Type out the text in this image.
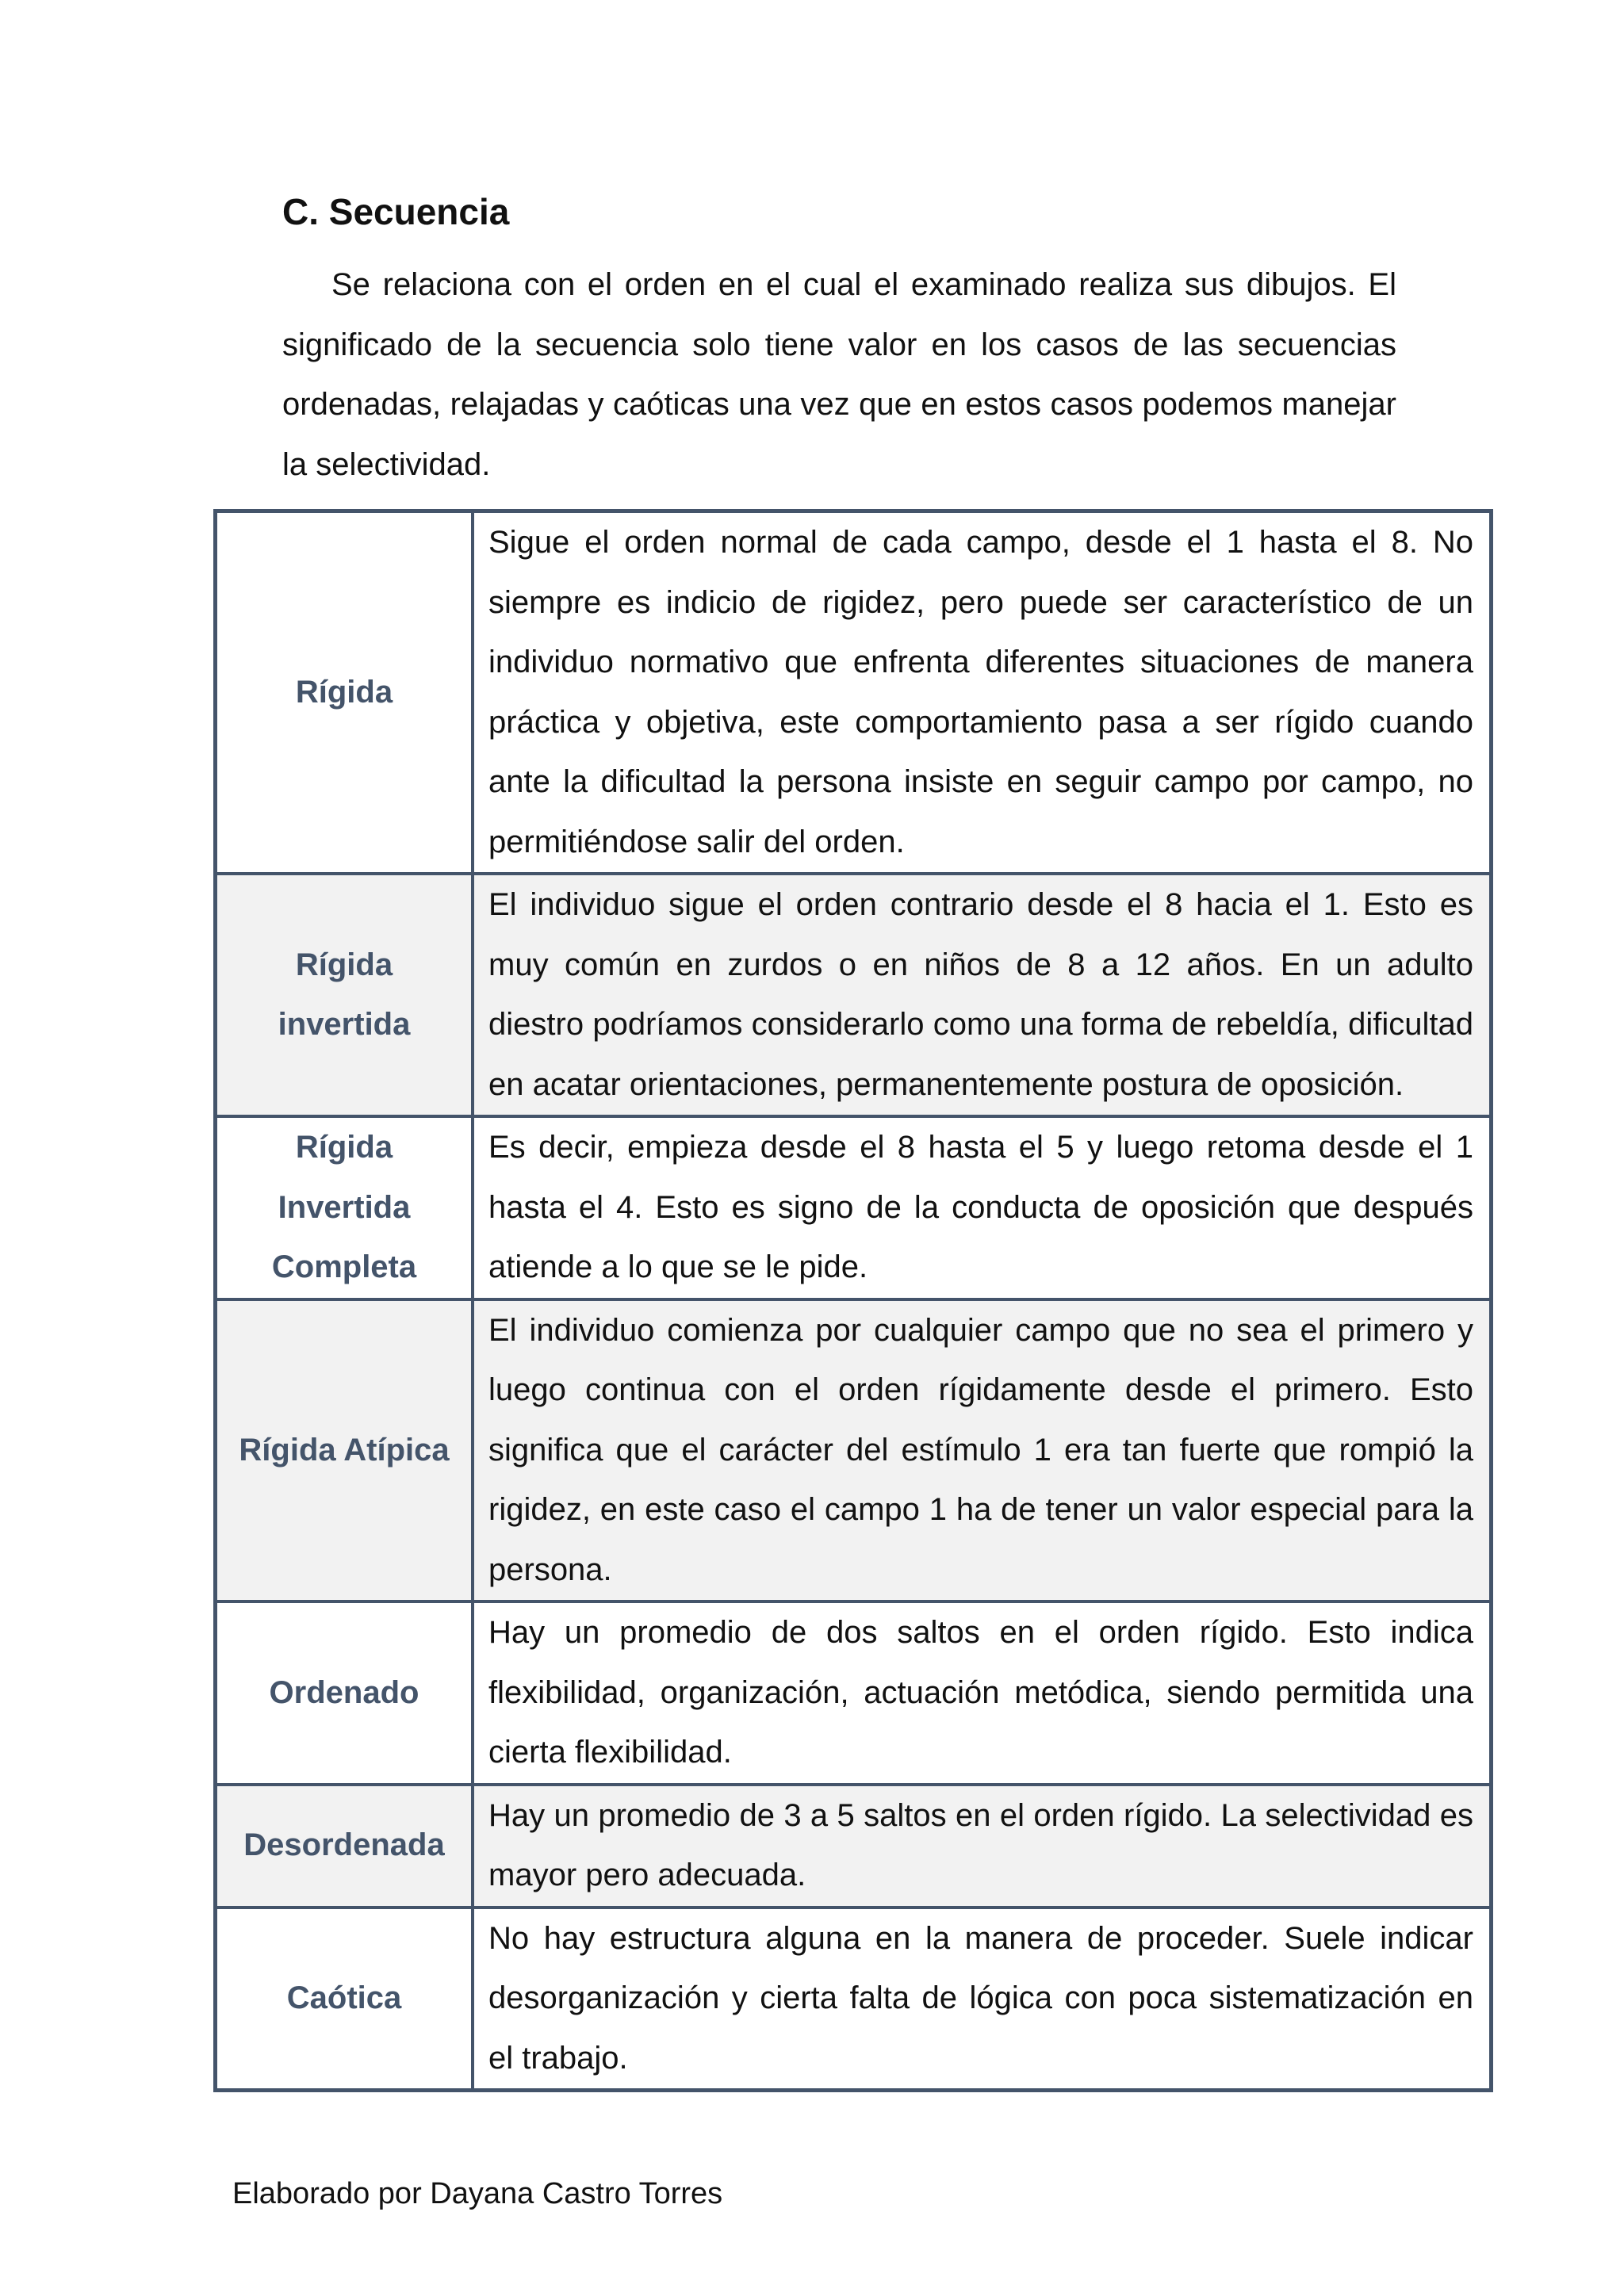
C. Secuencia
Se relaciona con el orden en el cual el examinado realiza sus dibujos. El
significado de la secuencia solo tiene valor en los casos de las secuencias
ordenadas, relajadas y caóticas una vez que en estos casos podemos manejar
la selectividad.
Rígida	Sigue el orden normal de cada campo, desde el 1 hasta el 8. No siempre es indicio de rigidez, pero puede ser característico de un individuo normativo que enfrenta diferentes situaciones de manera práctica y objetiva, este comportamiento pasa a ser rígido cuando ante la dificultad la persona insiste en seguir campo por campo, no permitiéndose salir del orden.
Rígida invertida	El individuo sigue el orden contrario desde el 8 hacia el 1. Esto es muy común en zurdos o en niños de 8 a 12 años. En un adulto diestro podríamos considerarlo como una forma de rebeldía, dificultad en acatar orientaciones, permanentemente postura de oposición.
Rígida Invertida Completa	Es decir, empieza desde el 8 hasta el 5 y luego retoma desde el 1 hasta el 4. Esto es signo de la conducta de oposición que después atiende a lo que se le pide.
Rígida Atípica	El individuo comienza por cualquier campo que no sea el primero y luego continua con el orden rígidamente desde el primero. Esto significa que el carácter del estímulo 1 era tan fuerte que rompió la rigidez, en este caso el campo 1 ha de tener un valor especial para la persona.
Ordenado	Hay un promedio de dos saltos en el orden rígido. Esto indica flexibilidad, organización, actuación metódica, siendo permitida una cierta flexibilidad.
Desordenada	Hay un promedio de 3 a 5 saltos en el orden rígido. La selectividad es mayor pero adecuada.
Caótica	No hay estructura alguna en la manera de proceder. Suele indicar desorganización y cierta falta de lógica con poca sistematización en el trabajo.

Elaborado por Dayana Castro Torres
